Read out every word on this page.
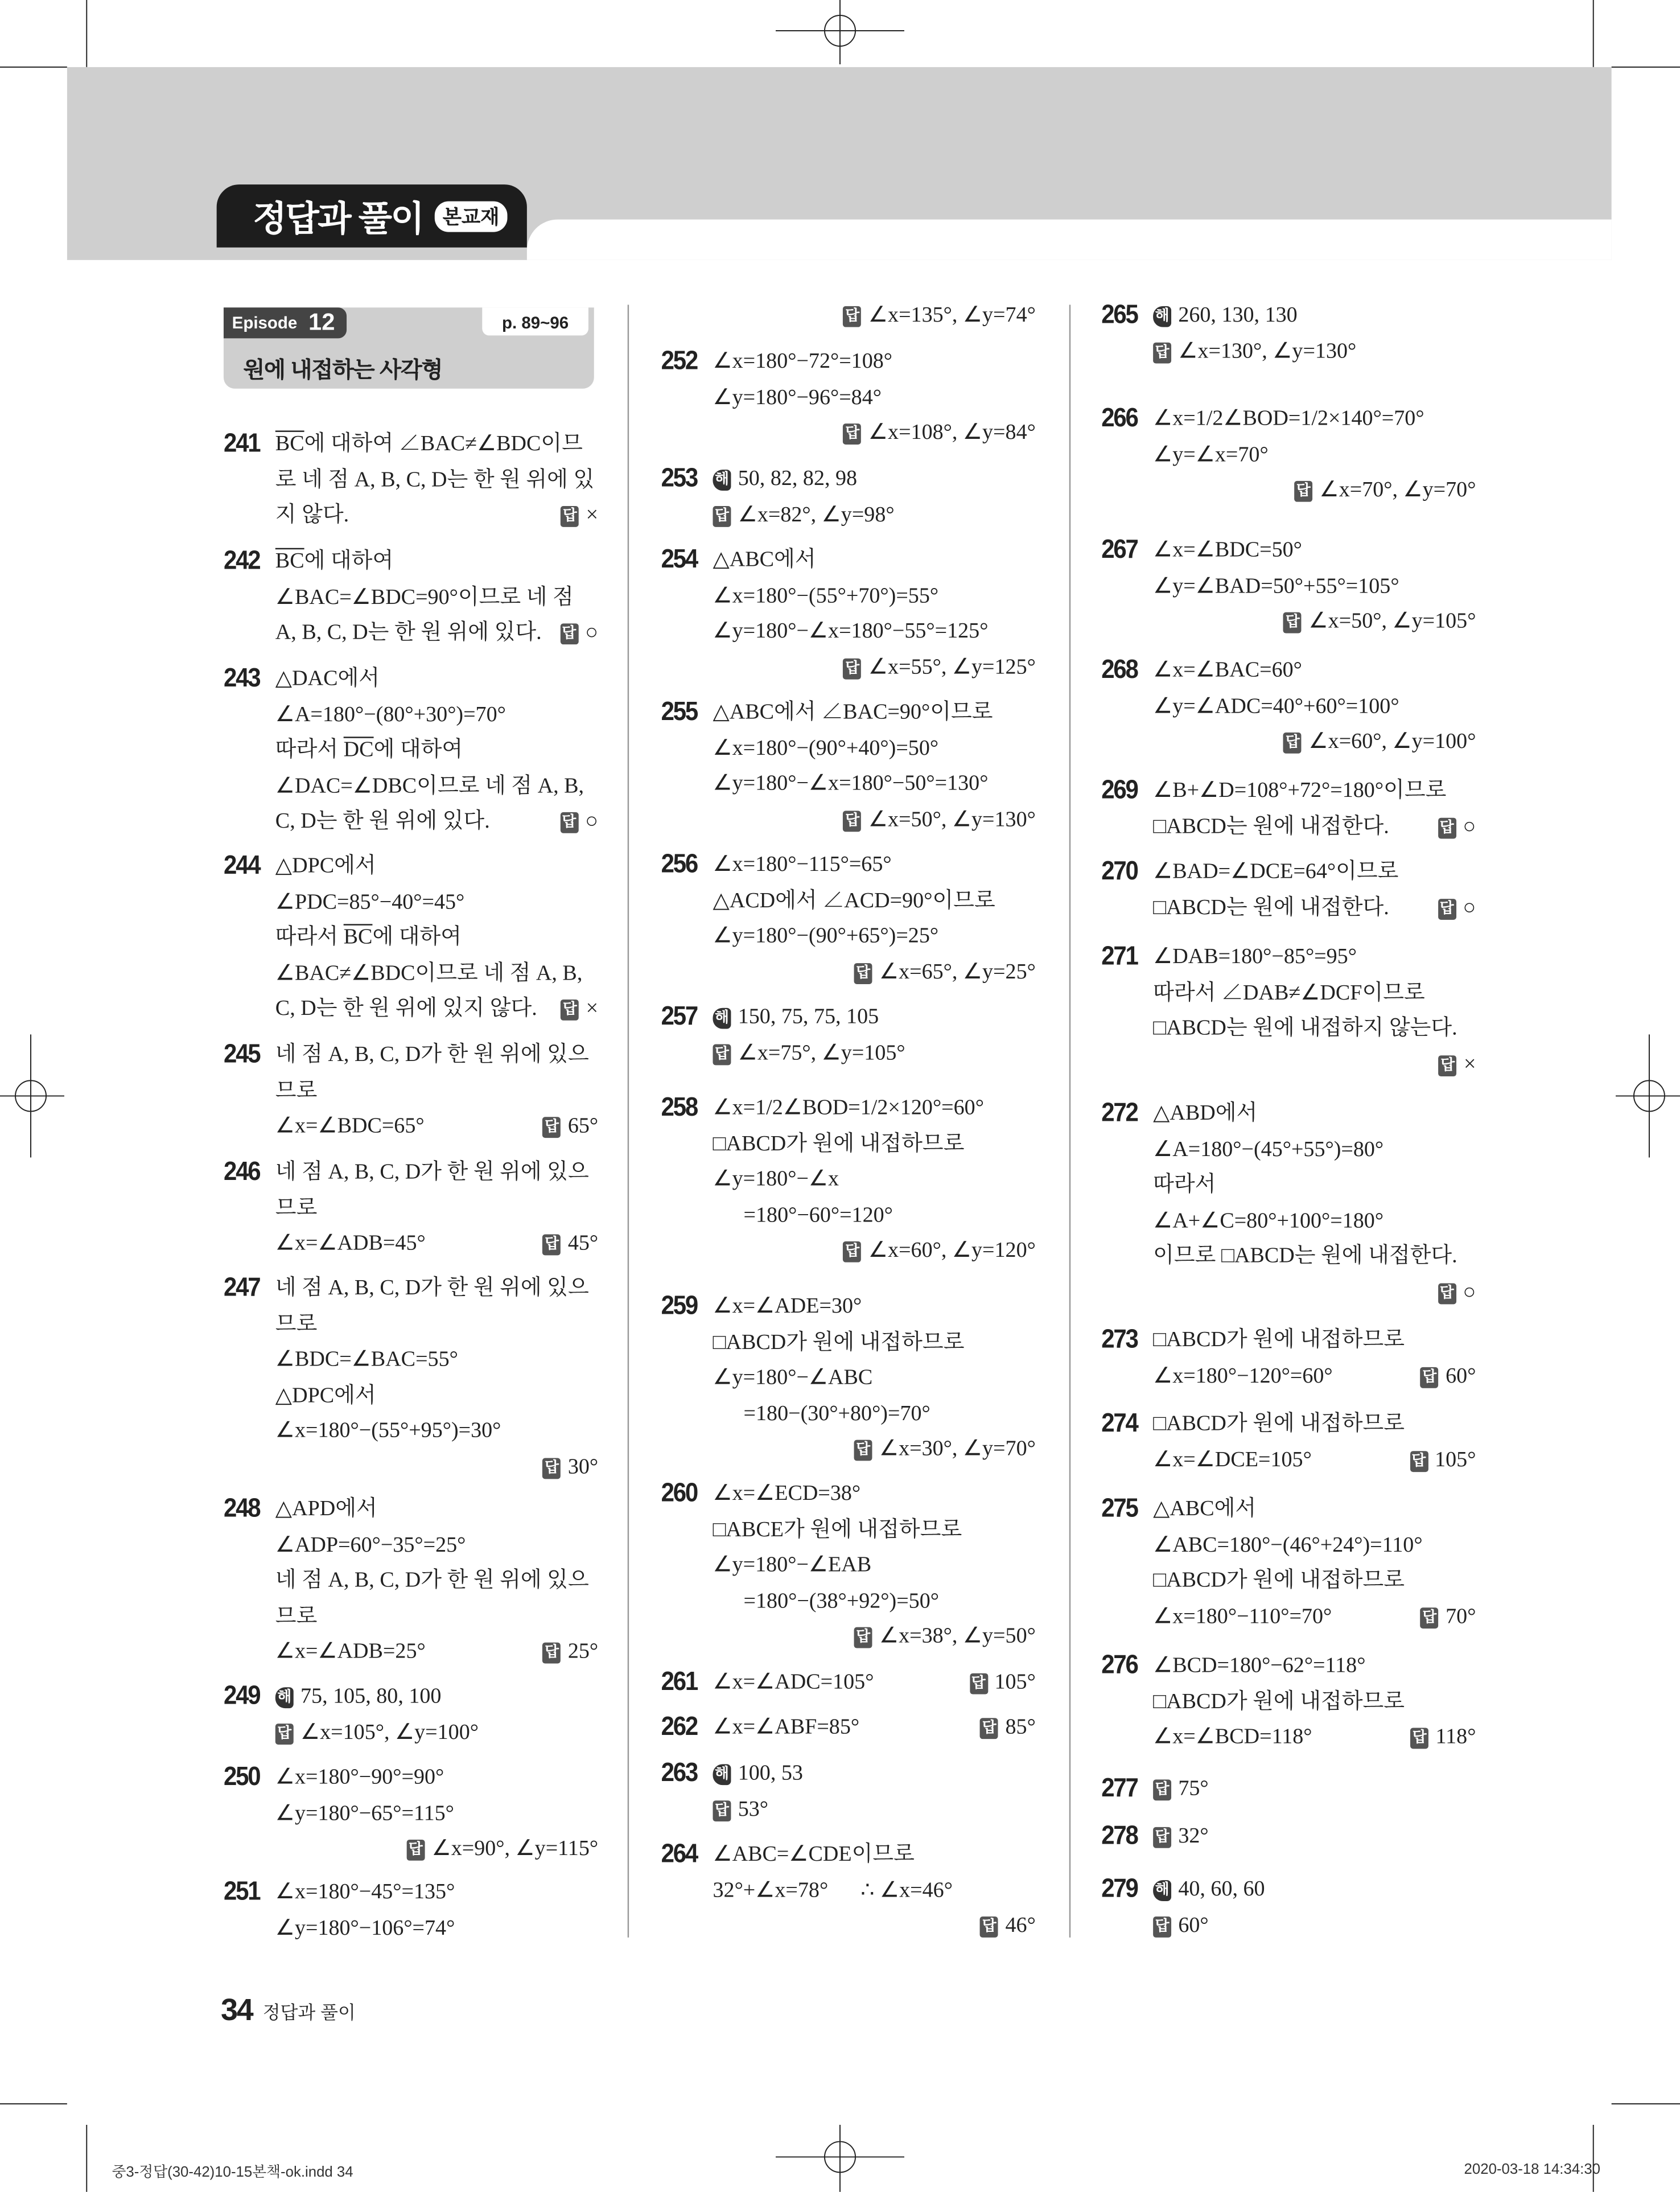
정답과 풀이	본교재
Episode 12	p. 89~96
원에 내접하는 사각형
241 $\overline{BC}$에 대하여 ∠BAC≠∠BDC이므
로 네 점 A, B, C, D는 한 원 위에 있
지 않다.	답 ×
242 $\overline{BC}$에 대하여
∠BAC=∠BDC=90°이므로 네 점
A, B, C, D는 한 원 위에 있다.	답 ○
243 △DAC에서
∠A=180°−(80°+30°)=70°
따라서 $\overline{DC}$에 대하여
∠DAC=∠DBC이므로 네 점 A, B,
C, D는 한 원 위에 있다.	답 ○
244 △DPC에서
∠PDC=85°−40°=45°
따라서 $\overline{BC}$에 대하여
∠BAC≠∠BDC이므로 네 점 A, B,
C, D는 한 원 위에 있지 않다.	답 ×
245 네 점 A, B, C, D가 한 원 위에 있으
므로
∠x=∠BDC=65°	답 65°
246 네 점 A, B, C, D가 한 원 위에 있으
므로
∠x=∠ADB=45°	답 45°
247 네 점 A, B, C, D가 한 원 위에 있으
므로
∠BDC=∠BAC=55°
△DPC에서
∠x=180°−(55°+95°)=30°
답 30°
248 △APD에서
∠ADP=60°−35°=25°
네 점 A, B, C, D가 한 원 위에 있으
므로
∠x=∠ADB=25°	답 25°
249	해 75, 105, 80, 100
답 ∠x=105°, ∠y=100°
250 ∠x=180°−90°=90°
∠y=180°−65°=115°
답 ∠x=90°, ∠y=115°
251 ∠x=180°−45°=135°
∠y=180°−106°=74°
답 ∠x=135°, ∠y=74°
252 ∠x=180°−72°=108°
∠y=180°−96°=84°
답 ∠x=108°, ∠y=84°
253	해 50, 82, 82, 98
답 ∠x=82°, ∠y=98°
254 △ABC에서
∠x=180°−(55°+70°)=55°
∠y=180°−∠x=180°−55°=125°
답 ∠x=55°, ∠y=125°
255 △ABC에서 ∠BAC=90°이므로
∠x=180°−(90°+40°)=50°
∠y=180°−∠x=180°−50°=130°
답 ∠x=50°, ∠y=130°
256 ∠x=180°−115°=65°
△ACD에서 ∠ACD=90°이므로
∠y=180°−(90°+65°)=25°
답 ∠x=65°, ∠y=25°
257	해 150, 75, 75, 105
답 ∠x=75°, ∠y=105°
258 ∠x=1/2∠BOD=1/2×120°=60°
□ABCD가 원에 내접하므로
∠y=180°−∠x
=180°−60°=120°
답 ∠x=60°, ∠y=120°
259 ∠x=∠ADE=30°
□ABCD가 원에 내접하므로
∠y=180°−∠ABC
=180−(30°+80°)=70°
답 ∠x=30°, ∠y=70°
260 ∠x=∠ECD=38°
□ABCE가 원에 내접하므로
∠y=180°−∠EAB
=180°−(38°+92°)=50°
답 ∠x=38°, ∠y=50°
261 ∠x=∠ADC=105°	답 105°
262 ∠x=∠ABF=85°	답 85°
263	해 100, 53
답 53°
264 ∠ABC=∠CDE이므로
32°+∠x=78°      ∴ ∠x=46°
답 46°
265	해 260, 130, 130
답 ∠x=130°, ∠y=130°
266 ∠x=1/2∠BOD=1/2×140°=70°
∠y=∠x=70°
답 ∠x=70°, ∠y=70°
267 ∠x=∠BDC=50°
∠y=∠BAD=50°+55°=105°
답 ∠x=50°, ∠y=105°
268 ∠x=∠BAC=60°
∠y=∠ADC=40°+60°=100°
답 ∠x=60°, ∠y=100°
269 ∠B+∠D=108°+72°=180°이므로
□ABCD는 원에 내접한다.	답 ○
270 ∠BAD=∠DCE=64°이므로
□ABCD는 원에 내접한다.	답 ○
271 ∠DAB=180°−85°=95°
따라서 ∠DAB≠∠DCF이므로
□ABCD는 원에 내접하지 않는다.
답 ×
272 △ABD에서
∠A=180°−(45°+55°)=80°
따라서
∠A+∠C=80°+100°=180°
이므로 □ABCD는 원에 내접한다.
답 ○
273 □ABCD가 원에 내접하므로
∠x=180°−120°=60°	답 60°
274 □ABCD가 원에 내접하므로
∠x=∠DCE=105°	답 105°
275 △ABC에서
∠ABC=180°−(46°+24°)=110°
□ABCD가 원에 내접하므로
∠x=180°−110°=70°	답 70°
276 ∠BCD=180°−62°=118°
□ABCD가 원에 내접하므로
∠x=∠BCD=118°	답 118°
277	답 75°
278	답 32°
279	해 40, 60, 60
답 60°
34 정답과 풀이
중3-정답(30-42)10-15본책-ok.indd 34	2020-03-18 14:34:30
